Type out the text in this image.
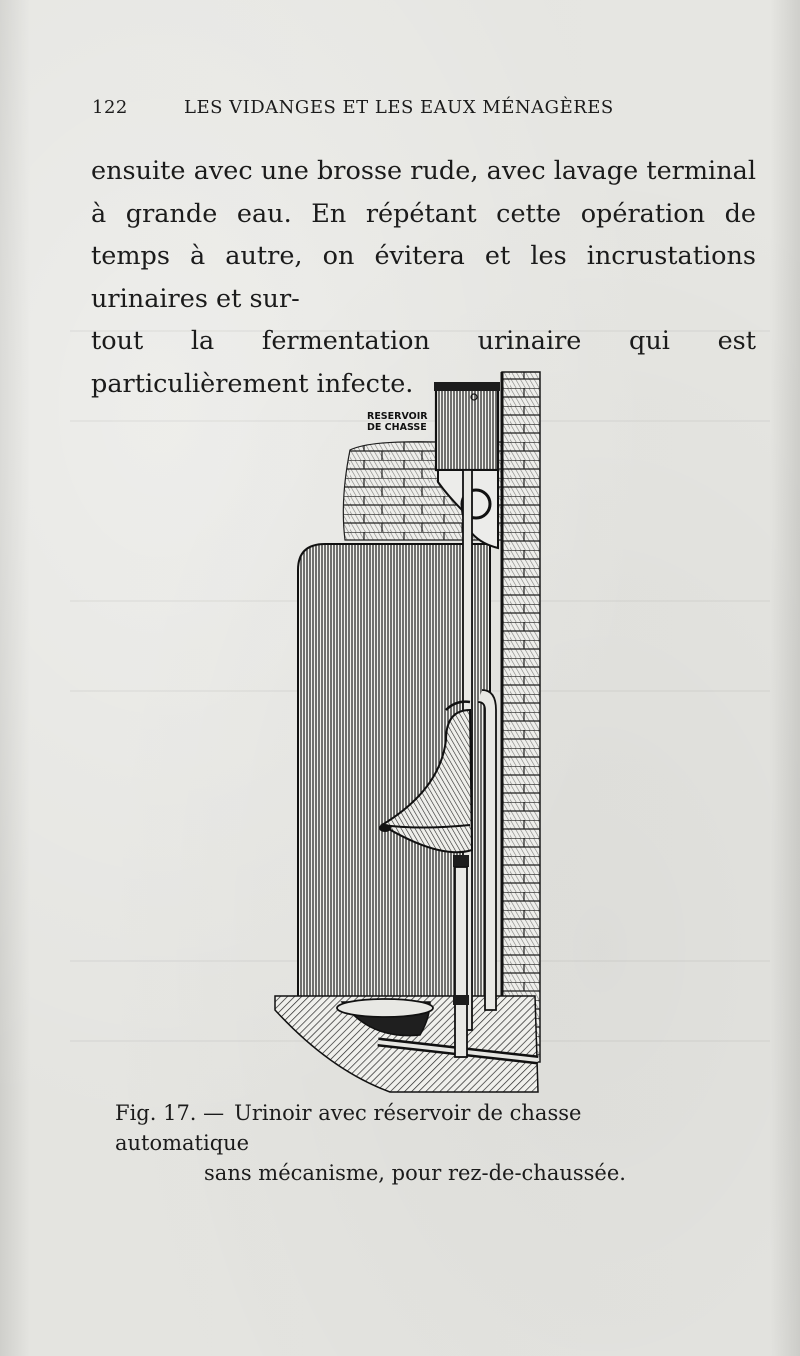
122	LES VIDANGES ET LES EAUX MÉNAGÈRES

ensuite avec une brosse rude, avec lavage terminal à grande eau. En répétant cette opération de temps à autre, on évitera et les incrustations urinaires et sur-
tout la fermentation urinaire qui est particulièrement infecte.

RESERVOIR
DE CHASSE
Fig. 17. — Urinoir avec réservoir de chasse automatique
sans mécanisme, pour rez-de-chaussée.
